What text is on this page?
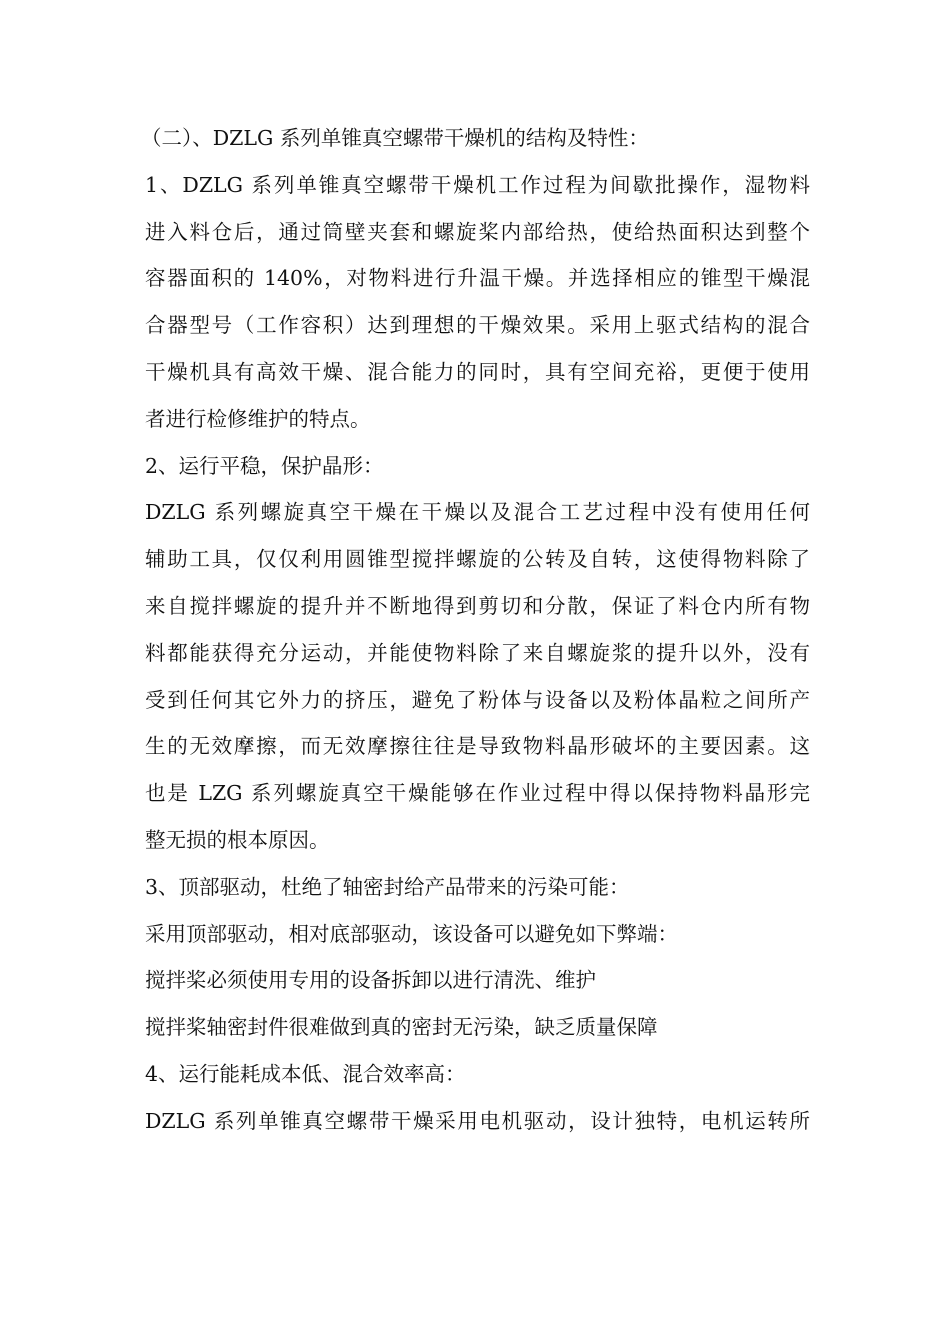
（二）、DZLG 系列单锥真空螺带干燥机的结构及特性：
1、DZLG 系列单锥真空螺带干燥机工作过程为间歇批操作，湿物料
进入料仓后，通过筒壁夹套和螺旋桨内部给热，使给热面积达到整个
容器面积的 140%，对物料进行升温干燥。并选择相应的锥型干燥混
合器型号（工作容积）达到理想的干燥效果。采用上驱式结构的混合
干燥机具有高效干燥、混合能力的同时，具有空间充裕，更便于使用
者进行检修维护的特点。
2、运行平稳，保护晶形：
DZLG 系列螺旋真空干燥在干燥以及混合工艺过程中没有使用任何
辅助工具，仅仅利用圆锥型搅拌螺旋的公转及自转，这使得物料除了
来自搅拌螺旋的提升并不断地得到剪切和分散，保证了料仓内所有物
料都能获得充分运动，并能使物料除了来自螺旋浆的提升以外，没有
受到任何其它外力的挤压，避免了粉体与设备以及粉体晶粒之间所产
生的无效摩擦，而无效摩擦往往是导致物料晶形破坏的主要因素。这
也是 LZG 系列螺旋真空干燥能够在作业过程中得以保持物料晶形完
整无损的根本原因。
3、顶部驱动，杜绝了轴密封给产品带来的污染可能：
采用顶部驱动，相对底部驱动，该设备可以避免如下弊端：
搅拌桨必须使用专用的设备拆卸以进行清洗、维护
搅拌桨轴密封件很难做到真的密封无污染，缺乏质量保障
4、运行能耗成本低、混合效率高：
DZLG 系列单锥真空螺带干燥采用电机驱动，设计独特，电机运转所
